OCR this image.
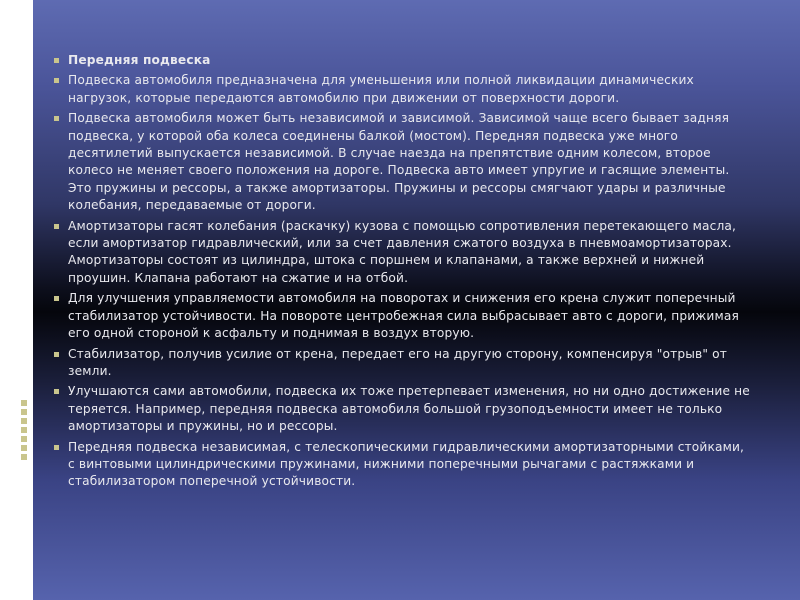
Передняя подвеска
Подвеска автомобиля предназначена для уменьшения или полной ликвидации динамических нагрузок, которые передаются автомобилю при движении от поверхности дороги.
Подвеска автомобиля может быть независимой и зависимой. Зависимой чаще всего бывает задняя подвеска, у которой оба колеса соединены балкой (мостом). Передняя подвеска уже много десятилетий выпускается независимой. В случае наезда на препятствие одним колесом, второе колесо не меняет своего положения на дороге. Подвеска авто имеет упругие и гасящие элементы. Это пружины и рессоры, а также амортизаторы. Пружины и рессоры смягчают удары и различные колебания, передаваемые от дороги.
Амортизаторы гасят колебания (раскачку) кузова с помощью сопротивления перетекающего масла, если амортизатор гидравлический, или за счет давления сжатого воздуха в пневмоамортизаторах. Амортизаторы состоят из цилиндра, штока с поршнем и клапанами, а также верхней и нижней проушин. Клапана работают на сжатие и на отбой.
Для улучшения управляемости автомобиля на поворотах и снижения его крена служит поперечный стабилизатор устойчивости. На повороте центробежная сила выбрасывает авто с дороги, прижимая его одной стороной к асфальту и поднимая в воздух вторую.
Стабилизатор, получив усилие от крена, передает его на другую сторону, компенсируя "отрыв" от земли.
Улучшаются сами автомобили, подвеска их тоже претерпевает изменения, но ни одно достижение не теряется. Например, передняя подвеска автомобиля большой грузоподъемности имеет не только амортизаторы и пружины, но и рессоры.
Передняя подвеска независимая, с телескопическими гидравлическими амортизаторными стойками, с винтовыми цилиндрическими пружинами, нижними поперечными рычагами с растяжками и стабилизатором поперечной устойчивости.
